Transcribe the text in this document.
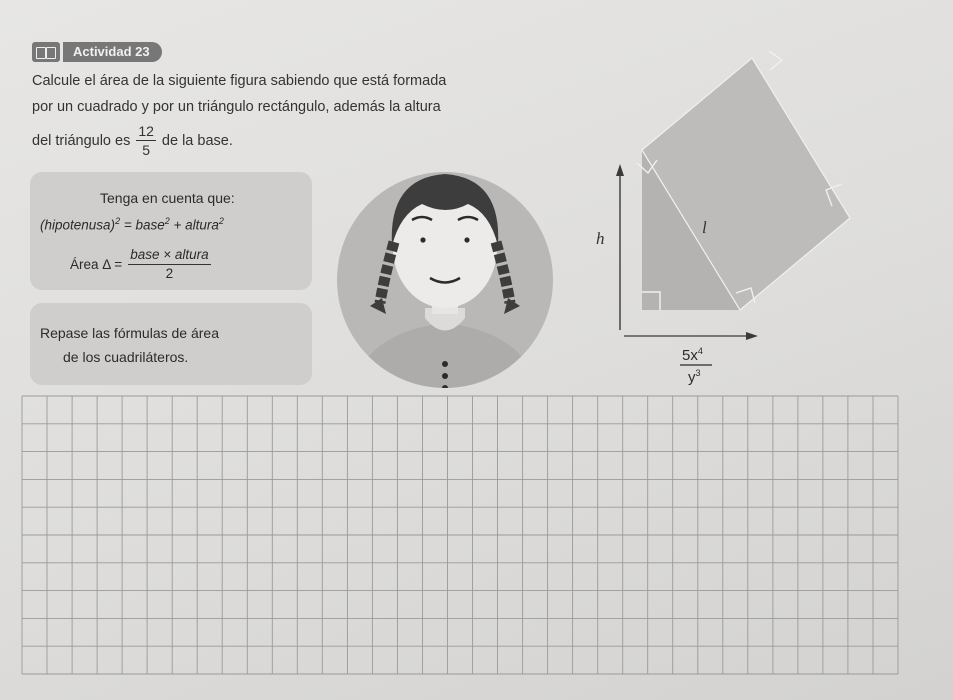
Actividad 23
Calcule el área de la siguiente figura sabiendo que está formada
por un cuadrado y por un triángulo rectángulo, además la altura
del triángulo es $\frac{12}{5}$ de la base.
Tenga en cuenta que:
(hipotenusa)$^2$ = base$^2$ + altura$^2$
Área $\Delta = \frac{\text{base × altura}}{2}$
Repase las fórmulas de área
de los cuadriláteros.
h
l
$5x^4$
$y^3$
